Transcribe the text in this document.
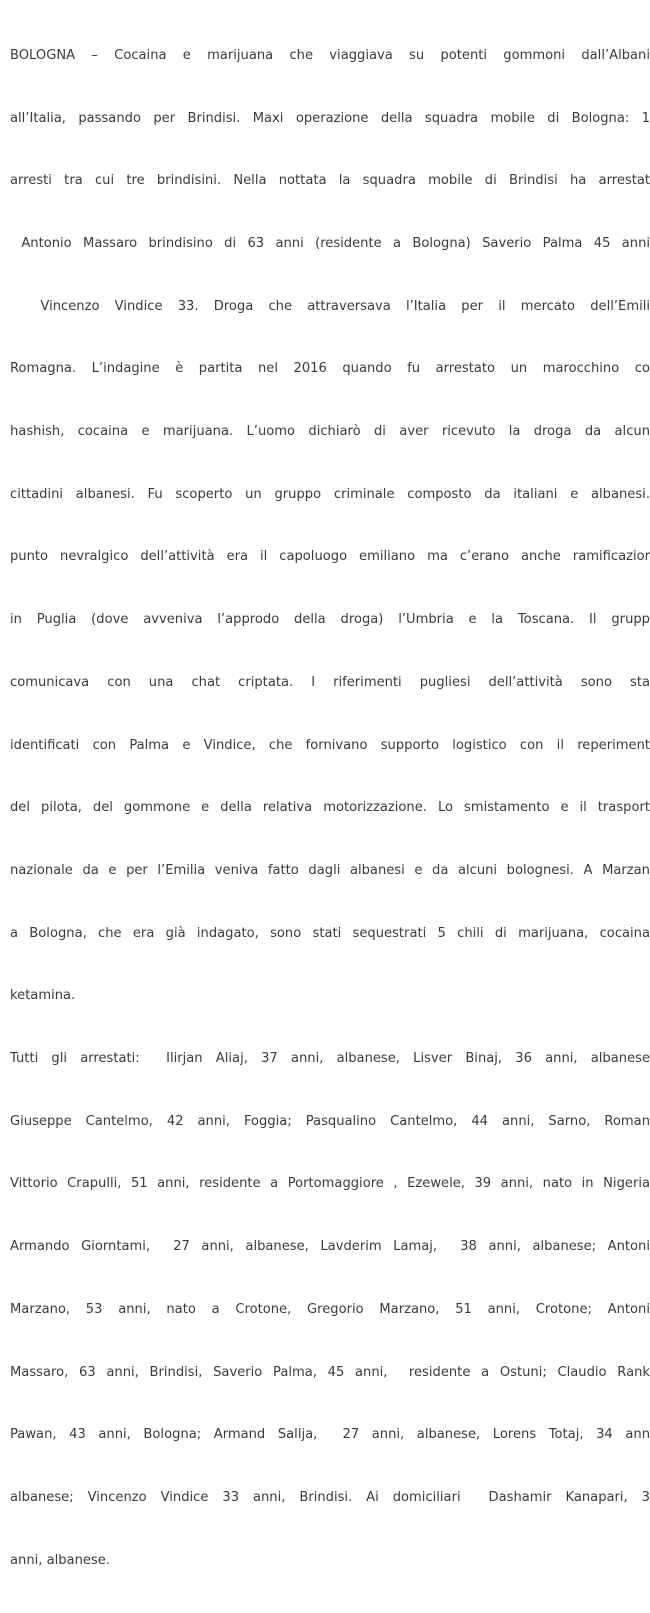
BOLOGNA – Cocaina e marijuana che viaggiava su potenti gommoni dall’Albani

all’Italia, passando per Brindisi. Maxi operazione della squadra mobile di Bologna: 1

arresti tra cui tre brindisini. Nella nottata la squadra mobile di Brindisi ha arrestat

Antonio Massaro brindisino di 63 anni (residente a Bologna) Saverio Palma 45 anni

Vincenzo Vindice 33. Droga che attraversava l’Italia per il mercato dell’Emili

Romagna. L’indagine è partita nel 2016 quando fu arrestato un marocchino co

hashish, cocaina e marijuana. L’uomo dichiarò di aver ricevuto la droga da alcun

cittadini albanesi. Fu scoperto un gruppo criminale composto da italiani e albanesi.

punto nevralgico dell’attività era il capoluogo emiliano ma c’erano anche ramificazior

in Puglia (dove avveniva l’approdo della droga) l’Umbria e la Toscana. Il grupp

comunicava con una chat criptata. I riferimenti pugliesi dell’attività sono sta

identificati con Palma e Vindice, che fornivano supporto logistico con il reperiment

del pilota, del gommone e della relativa motorizzazione. Lo smistamento e il trasport

nazionale da e per l’Emilia veniva fatto dagli albanesi e da alcuni bolognesi. A Marzan

a Bologna, che era già indagato, sono stati sequestrati 5 chili di marijuana, cocaina

ketamina.

Tutti gli arrestati:  Ilirjan Aliaj, 37 anni, albanese, Lisver Binaj, 36 anni, albanese

Giuseppe Cantelmo, 42 anni, Foggia; Pasqualino Cantelmo, 44 anni, Sarno, Roman

Vittorio Crapulli, 51 anni, residente a Portomaggiore , Ezewele, 39 anni, nato in Nigeria

Armando Giorntami,  27 anni, albanese, Lavderim Lamaj,  38 anni, albanese; Antoni

Marzano, 53 anni, nato a Crotone, Gregorio Marzano, 51 anni, Crotone; Antoni

Massaro, 63 anni, Brindisi, Saverio Palma, 45 anni,  residente a Ostuni; Claudio Rank

Pawan, 43 anni, Bologna; Armand Sallja,  27 anni, albanese, Lorens Totaj, 34 ann

albanese; Vincenzo Vindice 33 anni, Brindisi. Ai domiciliari  Dashamir Kanapari, 3

anni, albanese.
